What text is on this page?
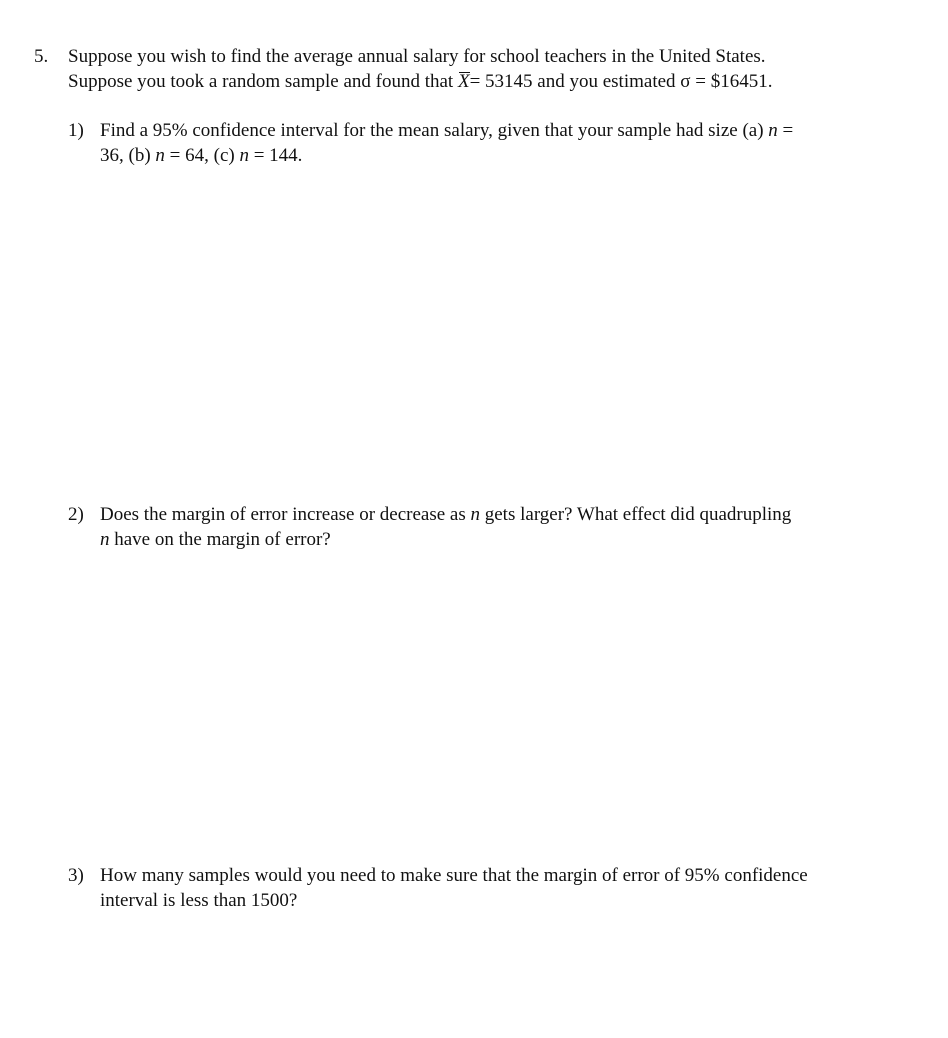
5. Suppose you wish to find the average annual salary for school teachers in the United States.
Suppose you took a random sample and found that X= 53145 and you estimated σ = $16451.
1) Find a 95% confidence interval for the mean salary, given that your sample had size (a) n =
36, (b) n = 64, (c) n = 144.
2) Does the margin of error increase or decrease as n gets larger? What effect did quadrupling
n have on the margin of error?
3) How many samples would you need to make sure that the margin of error of 95% confidence
interval is less than 1500?
